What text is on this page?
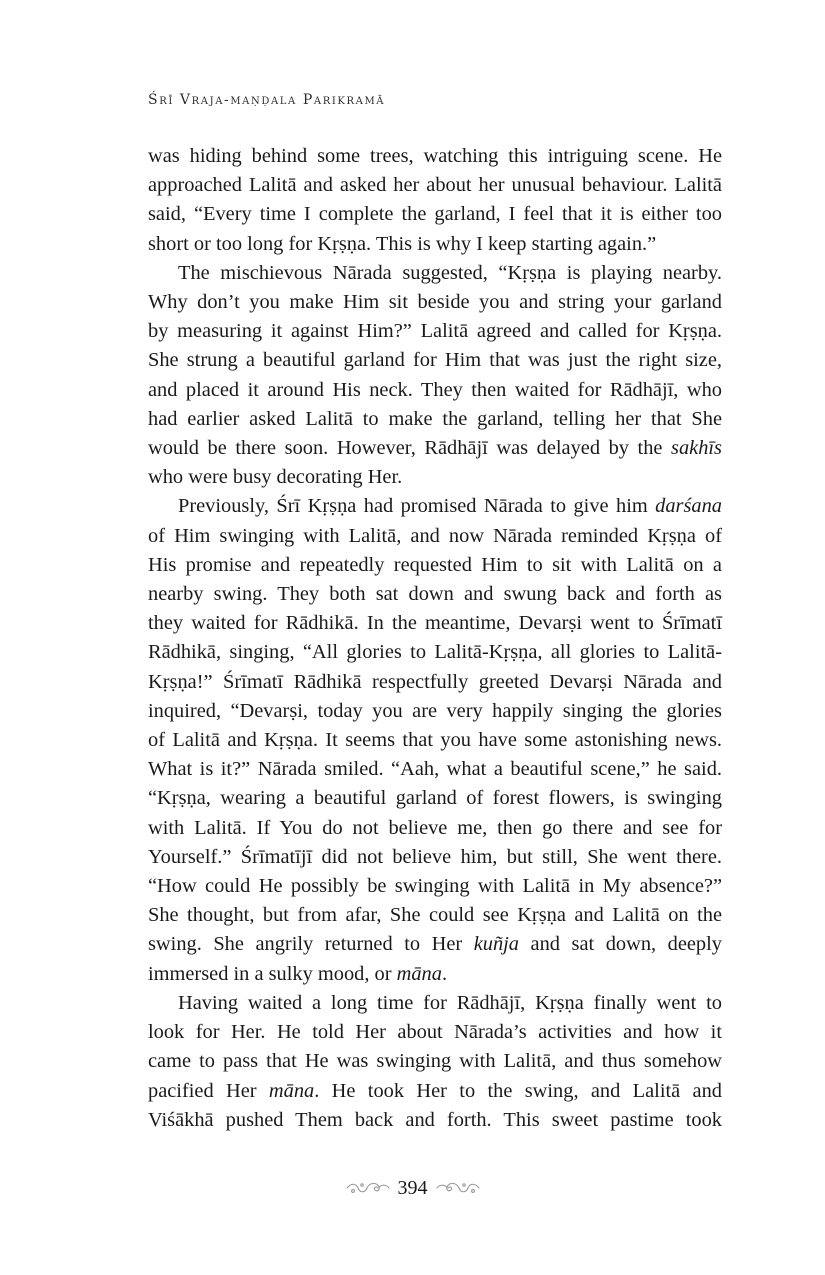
Śrī Vraja-maṇḍala Parikramā
was hiding behind some trees, watching this intriguing scene. He
approached Lalitā and asked her about her unusual behaviour. Lalitā
said, “Every time I complete the garland, I feel that it is either too
short or too long for Kṛṣṇa. This is why I keep starting again.”
The mischievous Nārada suggested, “Kṛṣṇa is playing nearby.
Why don’t you make Him sit beside you and string your garland
by measuring it against Him?” Lalitā agreed and called for Kṛṣṇa.
She strung a beautiful garland for Him that was just the right size,
and placed it around His neck. They then waited for Rādhājī, who
had earlier asked Lalitā to make the garland, telling her that She
would be there soon. However, Rādhājī was delayed by the sakhīs
who were busy decorating Her.
Previously, Śrī Kṛṣṇa had promised Nārada to give him darśana
of Him swinging with Lalitā, and now Nārada reminded Kṛṣṇa of
His promise and repeatedly requested Him to sit with Lalitā on a
nearby swing. They both sat down and swung back and forth as
they waited for Rādhikā. In the meantime, Devarṣi went to Śrīmatī
Rādhikā, singing, “All glories to Lalitā-Kṛṣṇa, all glories to Lalitā-
Kṛṣṇa!” Śrīmatī Rādhikā respectfully greeted Devarṣi Nārada and
inquired, “Devarṣi, today you are very happily singing the glories
of Lalitā and Kṛṣṇa. It seems that you have some astonishing news.
What is it?” Nārada smiled. “Aah, what a beautiful scene,” he said.
“Kṛṣṇa, wearing a beautiful garland of forest flowers, is swinging
with Lalitā. If You do not believe me, then go there and see for
Yourself.” Śrīmatījī did not believe him, but still, She went there.
“How could He possibly be swinging with Lalitā in My absence?”
She thought, but from afar, She could see Kṛṣṇa and Lalitā on the
swing. She angrily returned to Her kuñja and sat down, deeply
immersed in a sulky mood, or māna.
Having waited a long time for Rādhājī, Kṛṣṇa finally went to
look for Her. He told Her about Nārada’s activities and how it
came to pass that He was swinging with Lalitā, and thus somehow
pacified Her māna. He took Her to the swing, and Lalitā and
Viśākhā pushed Them back and forth. This sweet pastime took
394
